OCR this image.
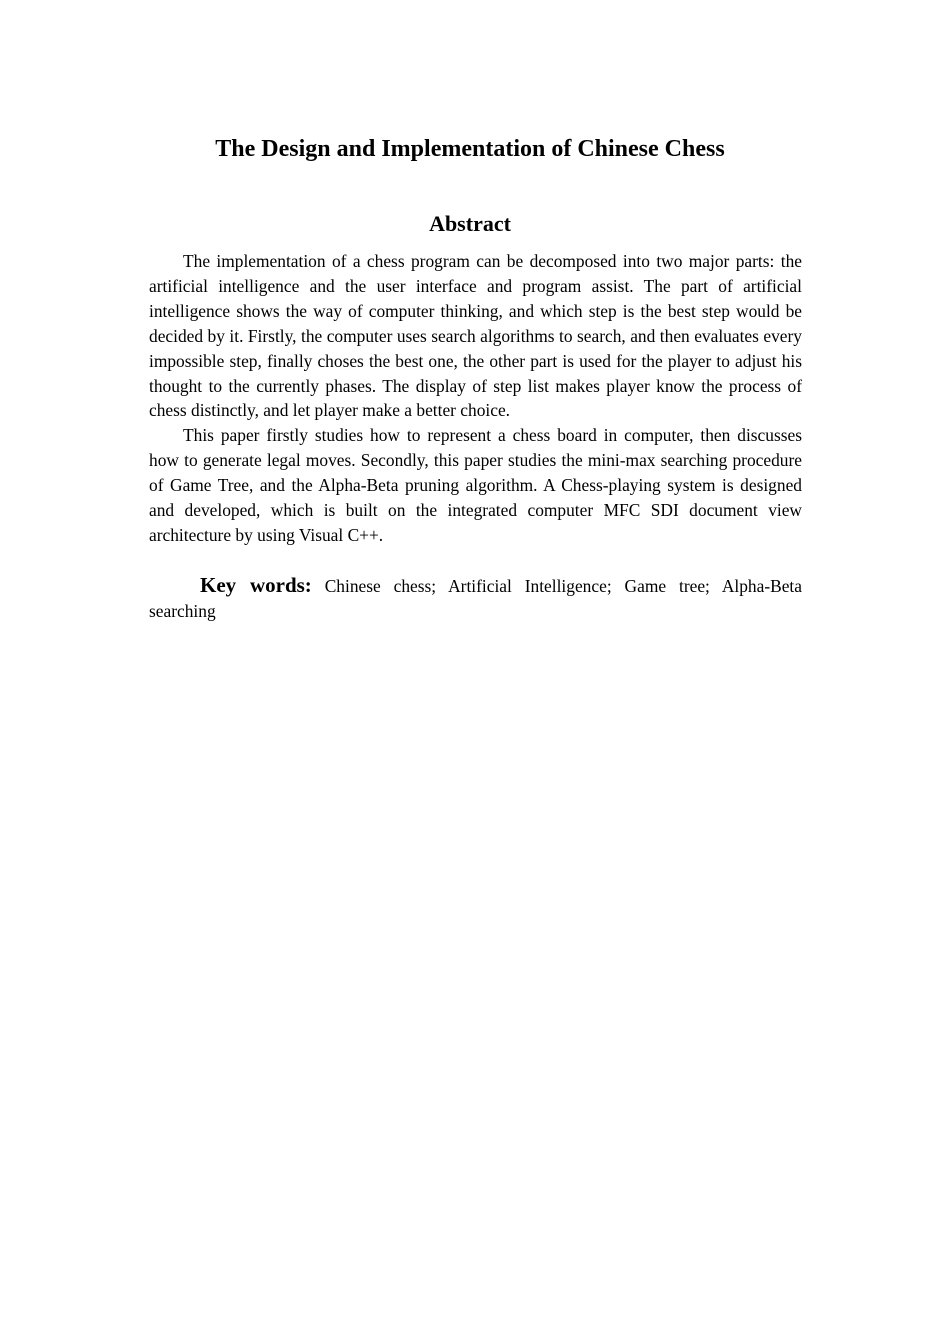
The Design and Implementation of Chinese Chess
Abstract

The implementation of a chess program can be decomposed into two major parts: the artificial intelligence and the user interface and program assist. The part of artificial intelligence shows the way of computer thinking, and which step is the best step would be decided by it. Firstly, the computer uses search algorithms to search, and then evaluates every impossible step, finally choses the best one, the other part is used for the player to adjust his thought to the currently phases. The display of step list makes player know the process of chess distinctly, and let player make a better choice.

This paper firstly studies how to represent a chess board in computer, then discusses how to generate legal moves. Secondly, this paper studies the mini-max searching procedure of Game Tree, and the Alpha-Beta pruning algorithm. A Chess-playing system is designed and developed, which is built on the integrated computer MFC SDI document view architecture by using Visual C++.

Key words: Chinese chess; Artificial Intelligence; Game tree; Alpha-Beta searching
